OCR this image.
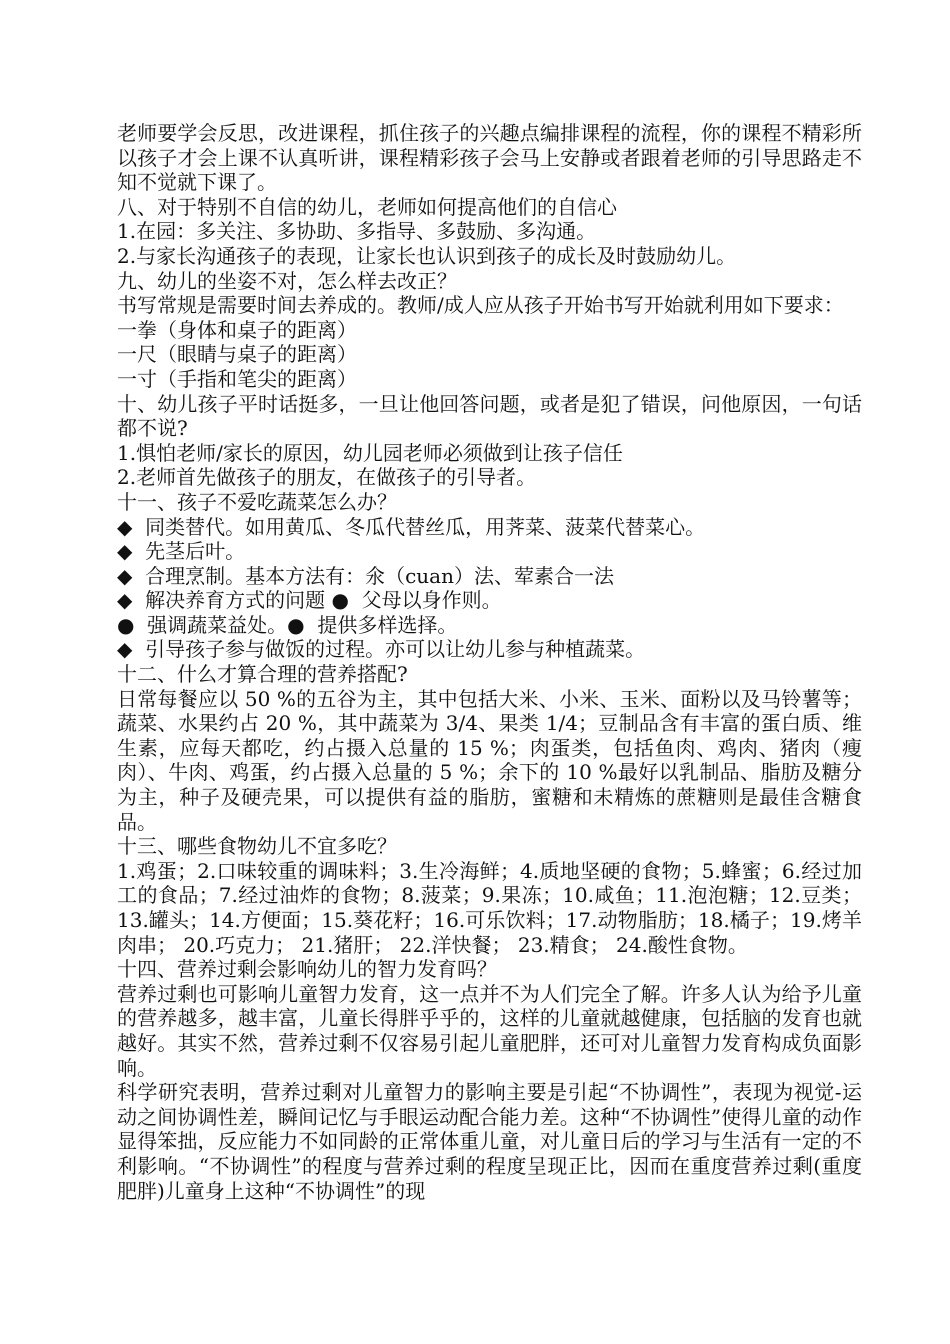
老师要学会反思，改进课程，抓住孩子的兴趣点编排课程的流程，你的课程不精彩所以孩子才会上课不认真听讲，课程精彩孩子会马上安静或者跟着老师的引导思路走不知不觉就下课了。

八、对于特别不自信的幼儿，老师如何提高他们的自信心

1.在园：多关注、多协助、多指导、多鼓励、多沟通。

2.与家长沟通孩子的表现，让家长也认识到孩子的成长及时鼓励幼儿。

九、幼儿的坐姿不对，怎么样去改正？

书写常规是需要时间去养成的。教师/成人应从孩子开始书写开始就利用如下要求：

一拳（身体和桌子的距离）

一尺（眼睛与桌子的距离）

一寸（手指和笔尖的距离）

十、幼儿孩子平时话挺多，一旦让他回答问题，或者是犯了错误，问他原因，一句话都不说?

1.惧怕老师/家长的原因，幼儿园老师必须做到让孩子信任

2.老师首先做孩子的朋友，在做孩子的引导者。

十一、孩子不爱吃蔬菜怎么办？

◆  同类替代。如用黄瓜、冬瓜代替丝瓜，用荠菜、菠菜代替菜心。

◆  先茎后叶。

◆  合理烹制。基本方法有：氽（cuan）法、荤素合一法

◆  解决养育方式的问题 ●  父母以身作则。

●  强调蔬菜益处。●  提供多样选择。

◆  引导孩子参与做饭的过程。亦可以让幼儿参与种植蔬菜。

十二、什么才算合理的营养搭配?

日常每餐应以 50 %的五谷为主，其中包括大米、小米、玉米、面粉以及马铃薯等；蔬菜、水果约占 20 %，其中蔬菜为 3/4、果类 1/4；豆制品含有丰富的蛋白质、维生素，应每天都吃，约占摄入总量的 15 %；肉蛋类，包括鱼肉、鸡肉、猪肉（瘦肉）、牛肉、鸡蛋，约占摄入总量的 5 %；余下的 10 %最好以乳制品、脂肪及糖分为主，种子及硬壳果，可以提供有益的脂肪，蜜糖和未精炼的蔗糖则是最佳含糖食品。

十三、哪些食物幼儿不宜多吃？

1.鸡蛋；2.口味较重的调味料；3.生冷海鲜；4.质地坚硬的食物；5.蜂蜜；6.经过加工的食品；7.经过油炸的食物；8.菠菜；9.果冻；10.咸鱼；11.泡泡糖；12.豆类；13.罐头；14.方便面；15.葵花籽；16.可乐饮料；17.动物脂肪；18.橘子；19.烤羊肉串； 20.巧克力； 21.猪肝； 22.洋快餐； 23.精食； 24.酸性食物。

十四、营养过剩会影响幼儿的智力发育吗？

营养过剩也可影响儿童智力发育，这一点并不为人们完全了解。许多人认为给予儿童的营养越多，越丰富，儿童长得胖乎乎的，这样的儿童就越健康，包括脑的发育也就越好。其实不然，营养过剩不仅容易引起儿童肥胖，还可对儿童智力发育构成负面影响。

科学研究表明，营养过剩对儿童智力的影响主要是引起“不协调性”，表现为视觉-运动之间协调性差，瞬间记忆与手眼运动配合能力差。这种“不协调性”使得儿童的动作显得笨拙，反应能力不如同龄的正常体重儿童，对儿童日后的学习与生活有一定的不利影响。“不协调性”的程度与营养过剩的程度呈现正比，因而在重度营养过剩(重度肥胖)儿童身上这种“不协调性”的现
